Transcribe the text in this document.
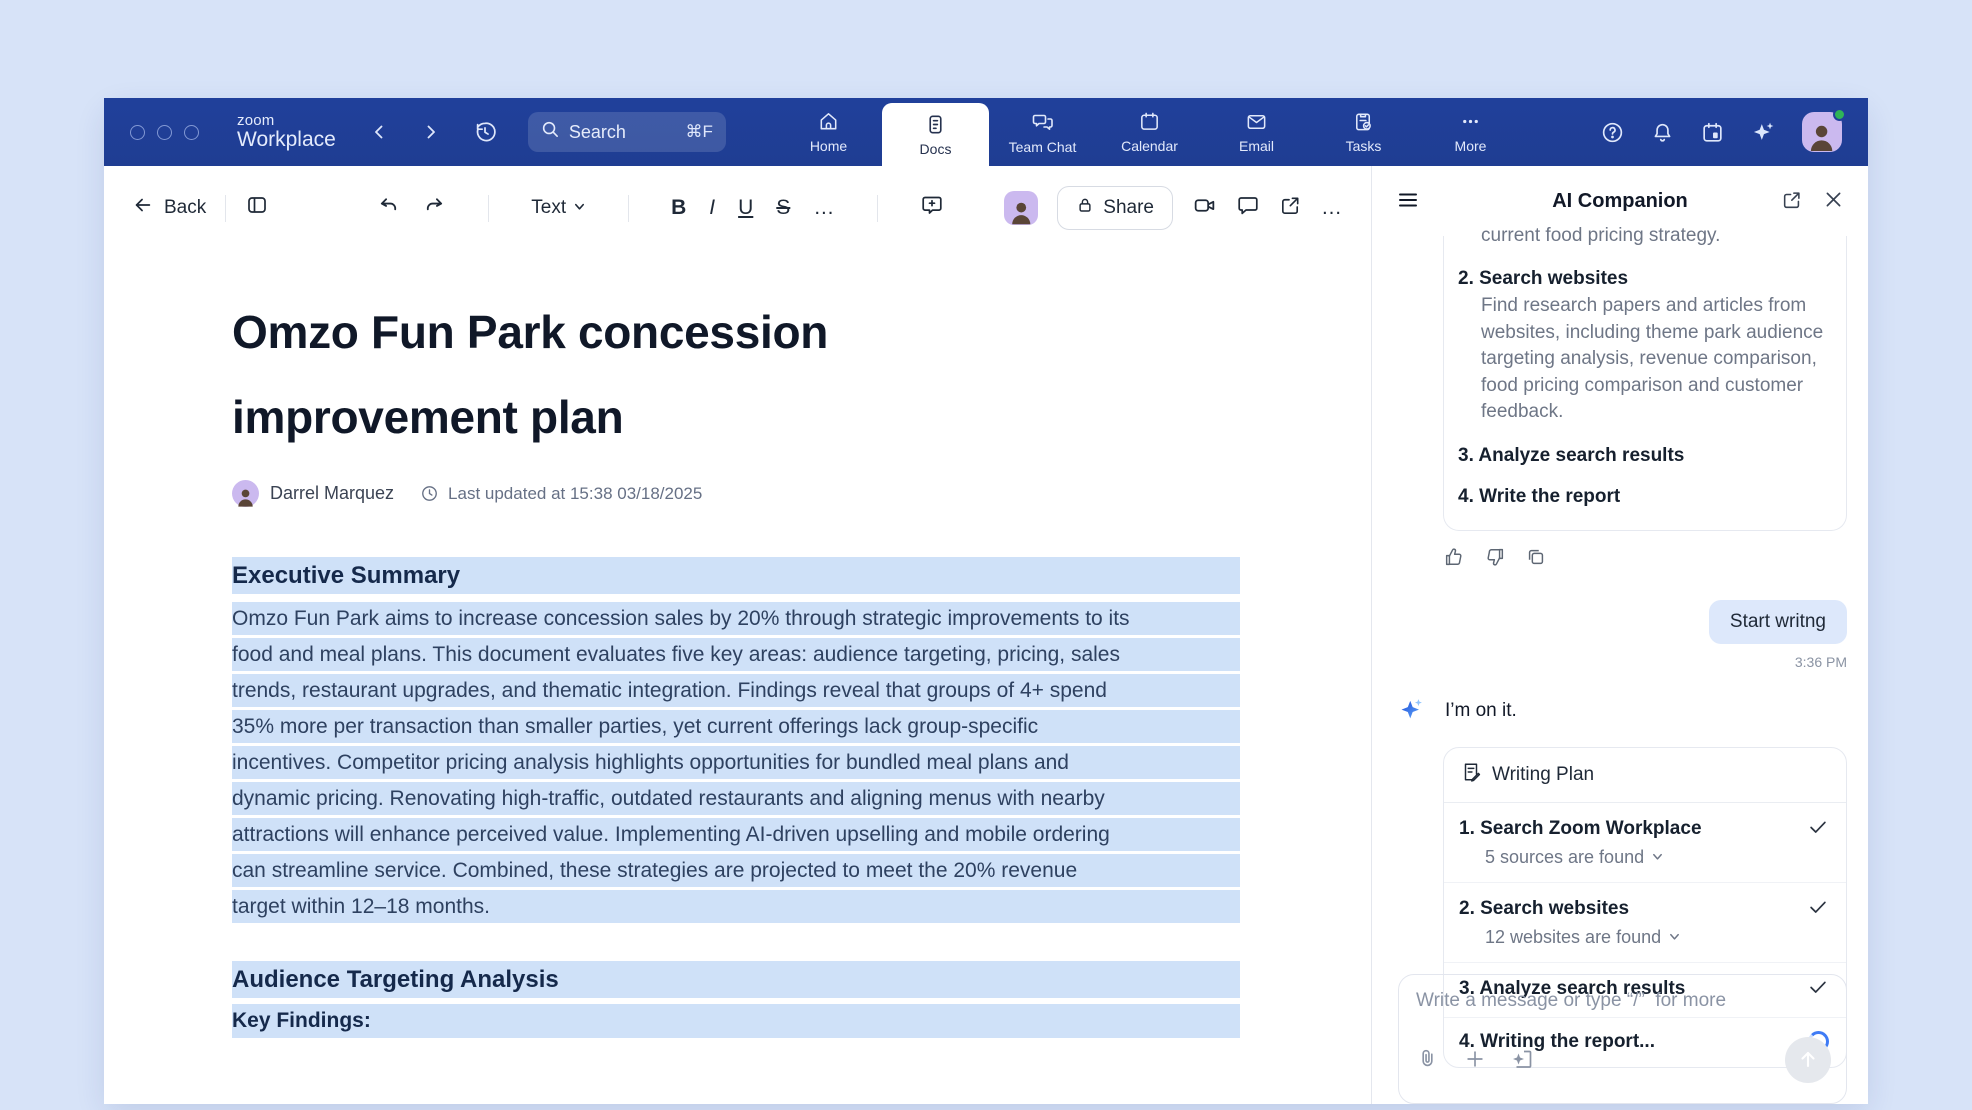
zoom
Workplace
Search	⌘F
Home	Docs	Team Chat	Calendar	Email	Tasks	More
Back	Text	B I U S …	Share	…
Omzo Fun Park concession
improvement plan
Darrel Marquez	Last updated at 15:38 03/18/2025
Executive Summary
Omzo Fun Park aims to increase concession sales by 20% through strategic improvements to its
food and meal plans. This document evaluates five key areas: audience targeting, pricing, sales
trends, restaurant upgrades, and thematic integration. Findings reveal that groups of 4+ spend
35% more per transaction than smaller parties, yet current offerings lack group-specific
incentives. Competitor pricing analysis highlights opportunities for bundled meal plans and
dynamic pricing. Renovating high-traffic, outdated restaurants and aligning menus with nearby
attractions will enhance perceived value. Implementing AI-driven upselling and mobile ordering
can streamline service. Combined, these strategies are projected to meet the 20% revenue
target within 12–18 months.
Audience Targeting Analysis
Key Findings:
AI Companion
current food pricing strategy.
2. Search websites
Find research papers and articles from websites, including theme park audience targeting analysis, revenue comparison, food pricing comparison and customer feedback.
3. Analyze search results
4. Write the report
Start writng
3:36 PM
I’m on it.
Writing Plan
1. Search Zoom Workplace
5 sources are found
2. Search websites
12 websites are found
3. Analyze search results
4. Writing the report...
Write a message or type “/” for more
